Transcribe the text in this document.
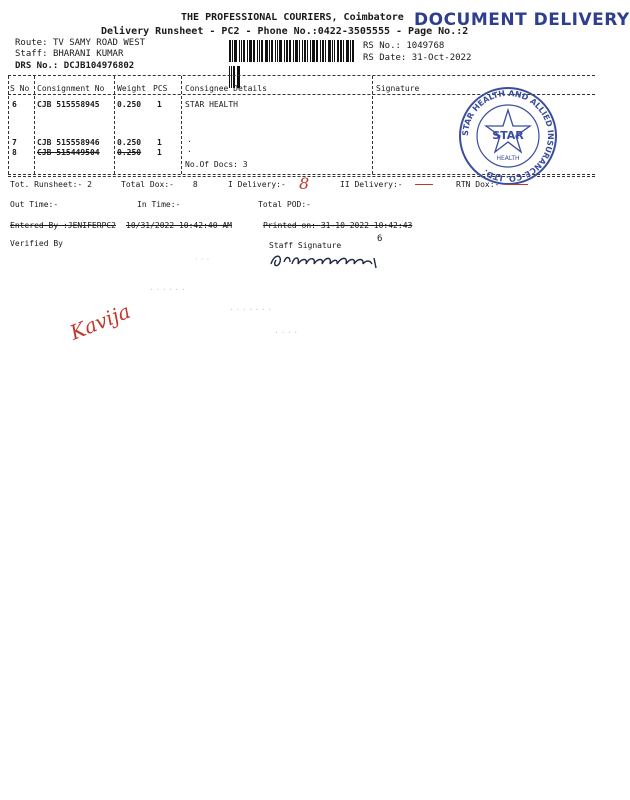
THE PROFESSIONAL COURIERS, Coimbatore DOCUMENT DELIVERY
Delivery Runsheet - PC2 - Phone No.:0422-3505555 - Page No.:2
Route: TV SAMY ROAD WEST
Staff: BHARANI KUMAR
DRS No.: DCJB104976802
RS No.: 1049768
RS Date: 31-Oct-2022
S No Consignment No Weight PCS Consignee Details	Signature
6	CJB 515558945 0.250 1	STAR HEALTH
7	CJB 515558946 0.250 1	.
8	CJB 515449504 0.250 1	.
No.Of Docs: 3
STAR HEALTH AND ALLIED INSURANCE CO. LTD.
STAR
HEALTH
Tot. Runsheet:- 2	Total Dox:- 8	I Delivery:- 8	II Delivery:-	RTN Dox:-
Out Time:-	In Time:-	Total POD:-
Entered By :JENIFERPC2 10/31/2022 10:42:40 AM	Printed on: 31-10-2022 10:42:43
Verified By	Staff Signature
6
· · ·
· · · · · ·
· · · · · · ·
· · · ·
Kavija
